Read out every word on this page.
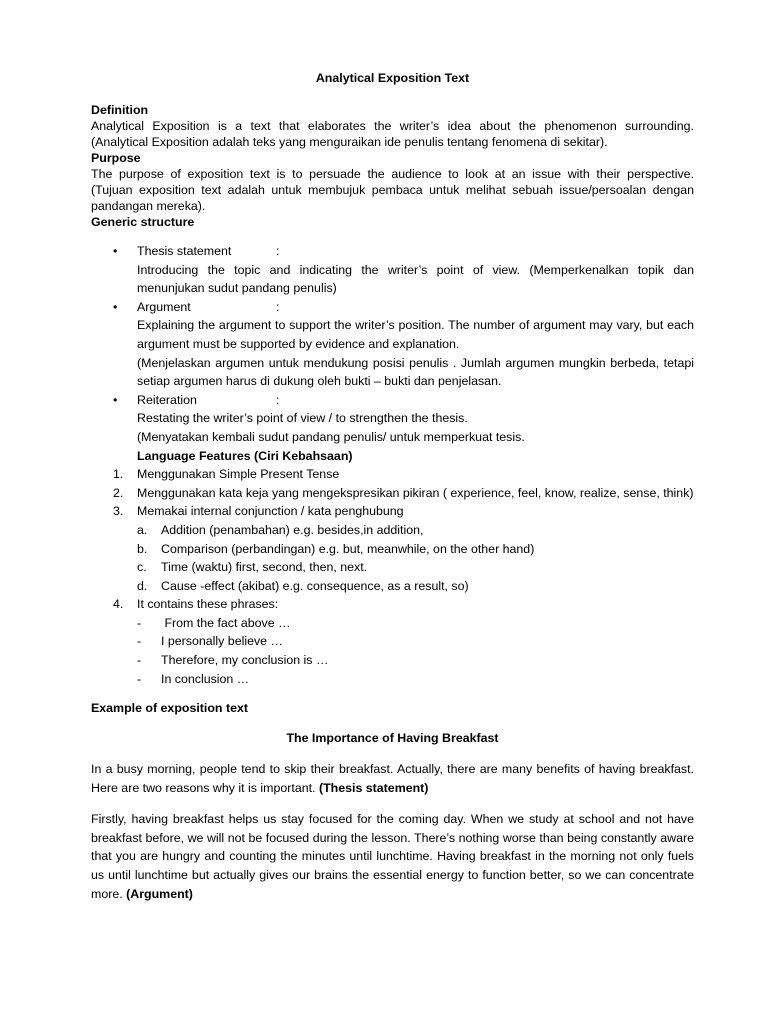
Analytical Exposition Text
Definition

Analytical Exposition is a text that elaborates the writer’s idea about the phenomenon surrounding.

(Analytical Exposition adalah teks yang menguraikan ide penulis tentang fenomena di sekitar).

Purpose

The purpose of exposition text is to persuade the audience to look at an issue with their perspective.

(Tujuan exposition text adalah untuk membujuk pembaca untuk melihat sebuah issue/persoalan dengan pandangan mereka).

Generic structure
• Thesis statement	:
Introducing the topic and indicating the writer’s point of view. (Memperkenalkan topik dan menunjukan sudut pandang penulis)
• Argument	:
Explaining the argument to support the writer’s position. The number of argument may vary, but each argument must be supported by evidence and explanation.
(Menjelaskan argumen untuk mendukung posisi penulis . Jumlah argumen mungkin berbeda, tetapi setiap argumen harus di dukung oleh bukti – bukti dan penjelasan.
• Reiteration	:
Restating the writer’s point of view / to strengthen the thesis.
(Menyatakan kembali sudut pandang penulis/ untuk memperkuat tesis.
Language Features (Ciri Kebahsaan)
1. Menggunakan Simple Present Tense
2. Menggunakan kata keja yang mengekspresikan pikiran ( experience, feel, know, realize, sense, think)
3. Memakai internal conjunction / kata penghubung
a. Addition (penambahan) e.g. besides,in addition,
b. Comparison (perbandingan) e.g. but, meanwhile, on the other hand)
c. Time (waktu) first, second, then, next.
d. Cause -effect (akibat) e.g. consequence, as a result, so)
4. It contains these phrases:
- From the fact above …
- I personally believe …
- Therefore, my conclusion is …
- In conclusion …
Example of exposition text
The Importance of Having Breakfast

In a busy morning, people tend to skip their breakfast. Actually, there are many benefits of having breakfast. Here are two reasons why it is important. (Thesis statement)

Firstly, having breakfast helps us stay focused for the coming day. When we study at school and not have breakfast before, we will not be focused during the lesson. There’s nothing worse than being constantly aware that you are hungry and counting the minutes until lunchtime. Having breakfast in the morning not only fuels us until lunchtime but actually gives our brains the essential energy to function better, so we can concentrate more. (Argument)
